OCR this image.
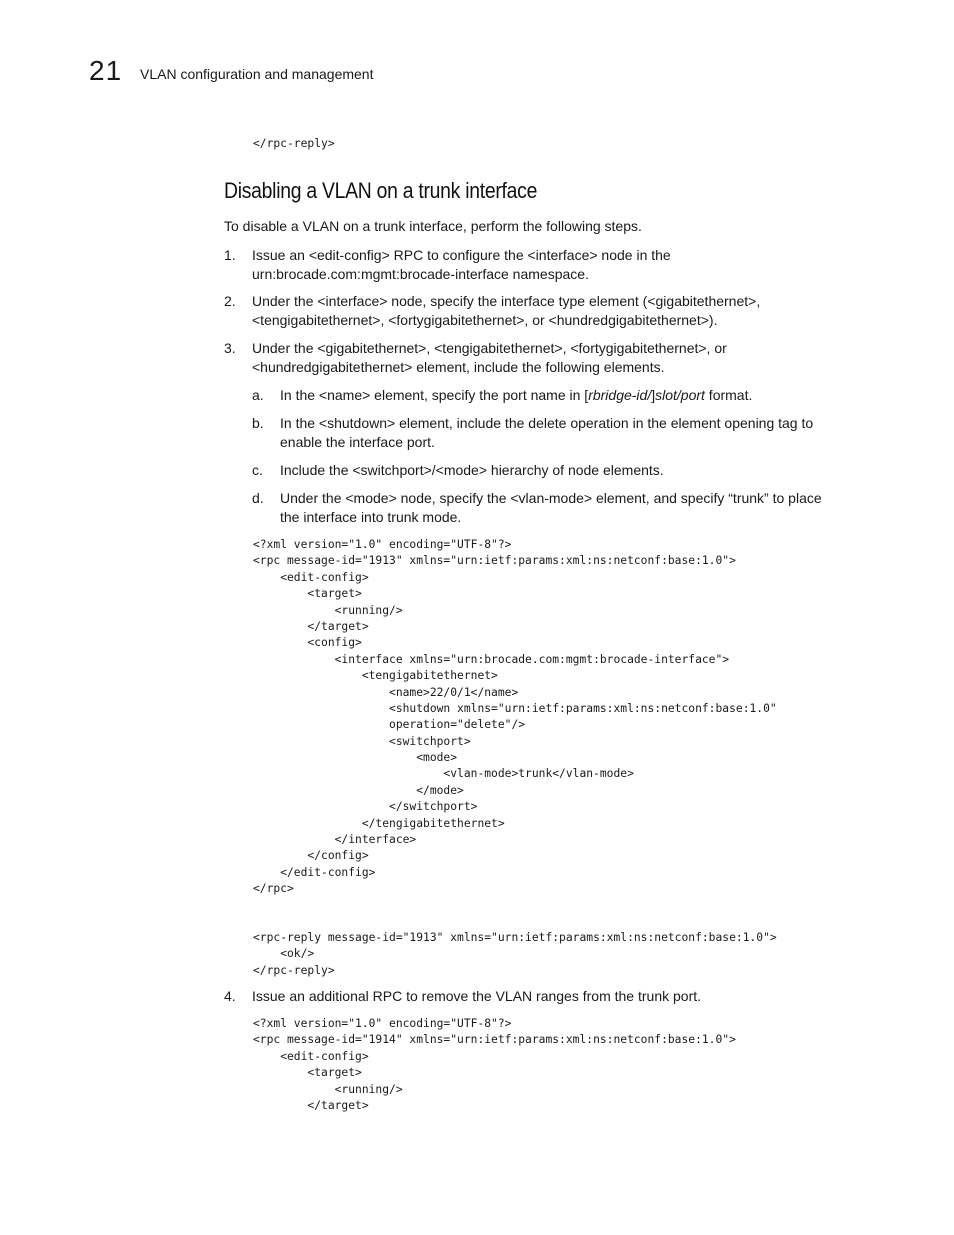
21 VLAN configuration and management
</rpc-reply>
Disabling a VLAN on a trunk interface
To disable a VLAN on a trunk interface, perform the following steps.
1. Issue an <edit-config> RPC to configure the <interface> node in the
urn:brocade.com:mgmt:brocade-interface namespace.
2. Under the <interface> node, specify the interface type element (<gigabitethernet>,
<tengigabitethernet>, <fortygigabitethernet>, or <hundredgigabitethernet>).
3. Under the <gigabitethernet>, <tengigabitethernet>, <fortygigabitethernet>, or
<hundredgigabitethernet> element, include the following elements.
a. In the <name> element, specify the port name in [rbridge-id/]slot/port format.
b. In the <shutdown> element, include the delete operation in the element opening tag to
enable the interface port.
c. Include the <switchport>/<mode> hierarchy of node elements.
d. Under the <mode> node, specify the <vlan-mode> element, and specify “trunk” to place
the interface into trunk mode.
<?xml version="1.0" encoding="UTF-8"?>
<rpc message-id="1913" xmlns="urn:ietf:params:xml:ns:netconf:base:1.0">
<edit-config>
<target>
<running/>
</target>
<config>
<interface xmlns="urn:brocade.com:mgmt:brocade-interface">
<tengigabitethernet>
<name>22/0/1</name>
<shutdown xmlns="urn:ietf:params:xml:ns:netconf:base:1.0"
operation="delete"/>
<switchport>
<mode>
<vlan-mode>trunk</vlan-mode>
</mode>
</switchport>
</tengigabitethernet>
</interface>
</config>
</edit-config>
</rpc>
<rpc-reply message-id="1913" xmlns="urn:ietf:params:xml:ns:netconf:base:1.0">
<ok/>
</rpc-reply>
4. Issue an additional RPC to remove the VLAN ranges from the trunk port.
<?xml version="1.0" encoding="UTF-8"?>
<rpc message-id="1914" xmlns="urn:ietf:params:xml:ns:netconf:base:1.0">
<edit-config>
<target>
<running/>
</target>
